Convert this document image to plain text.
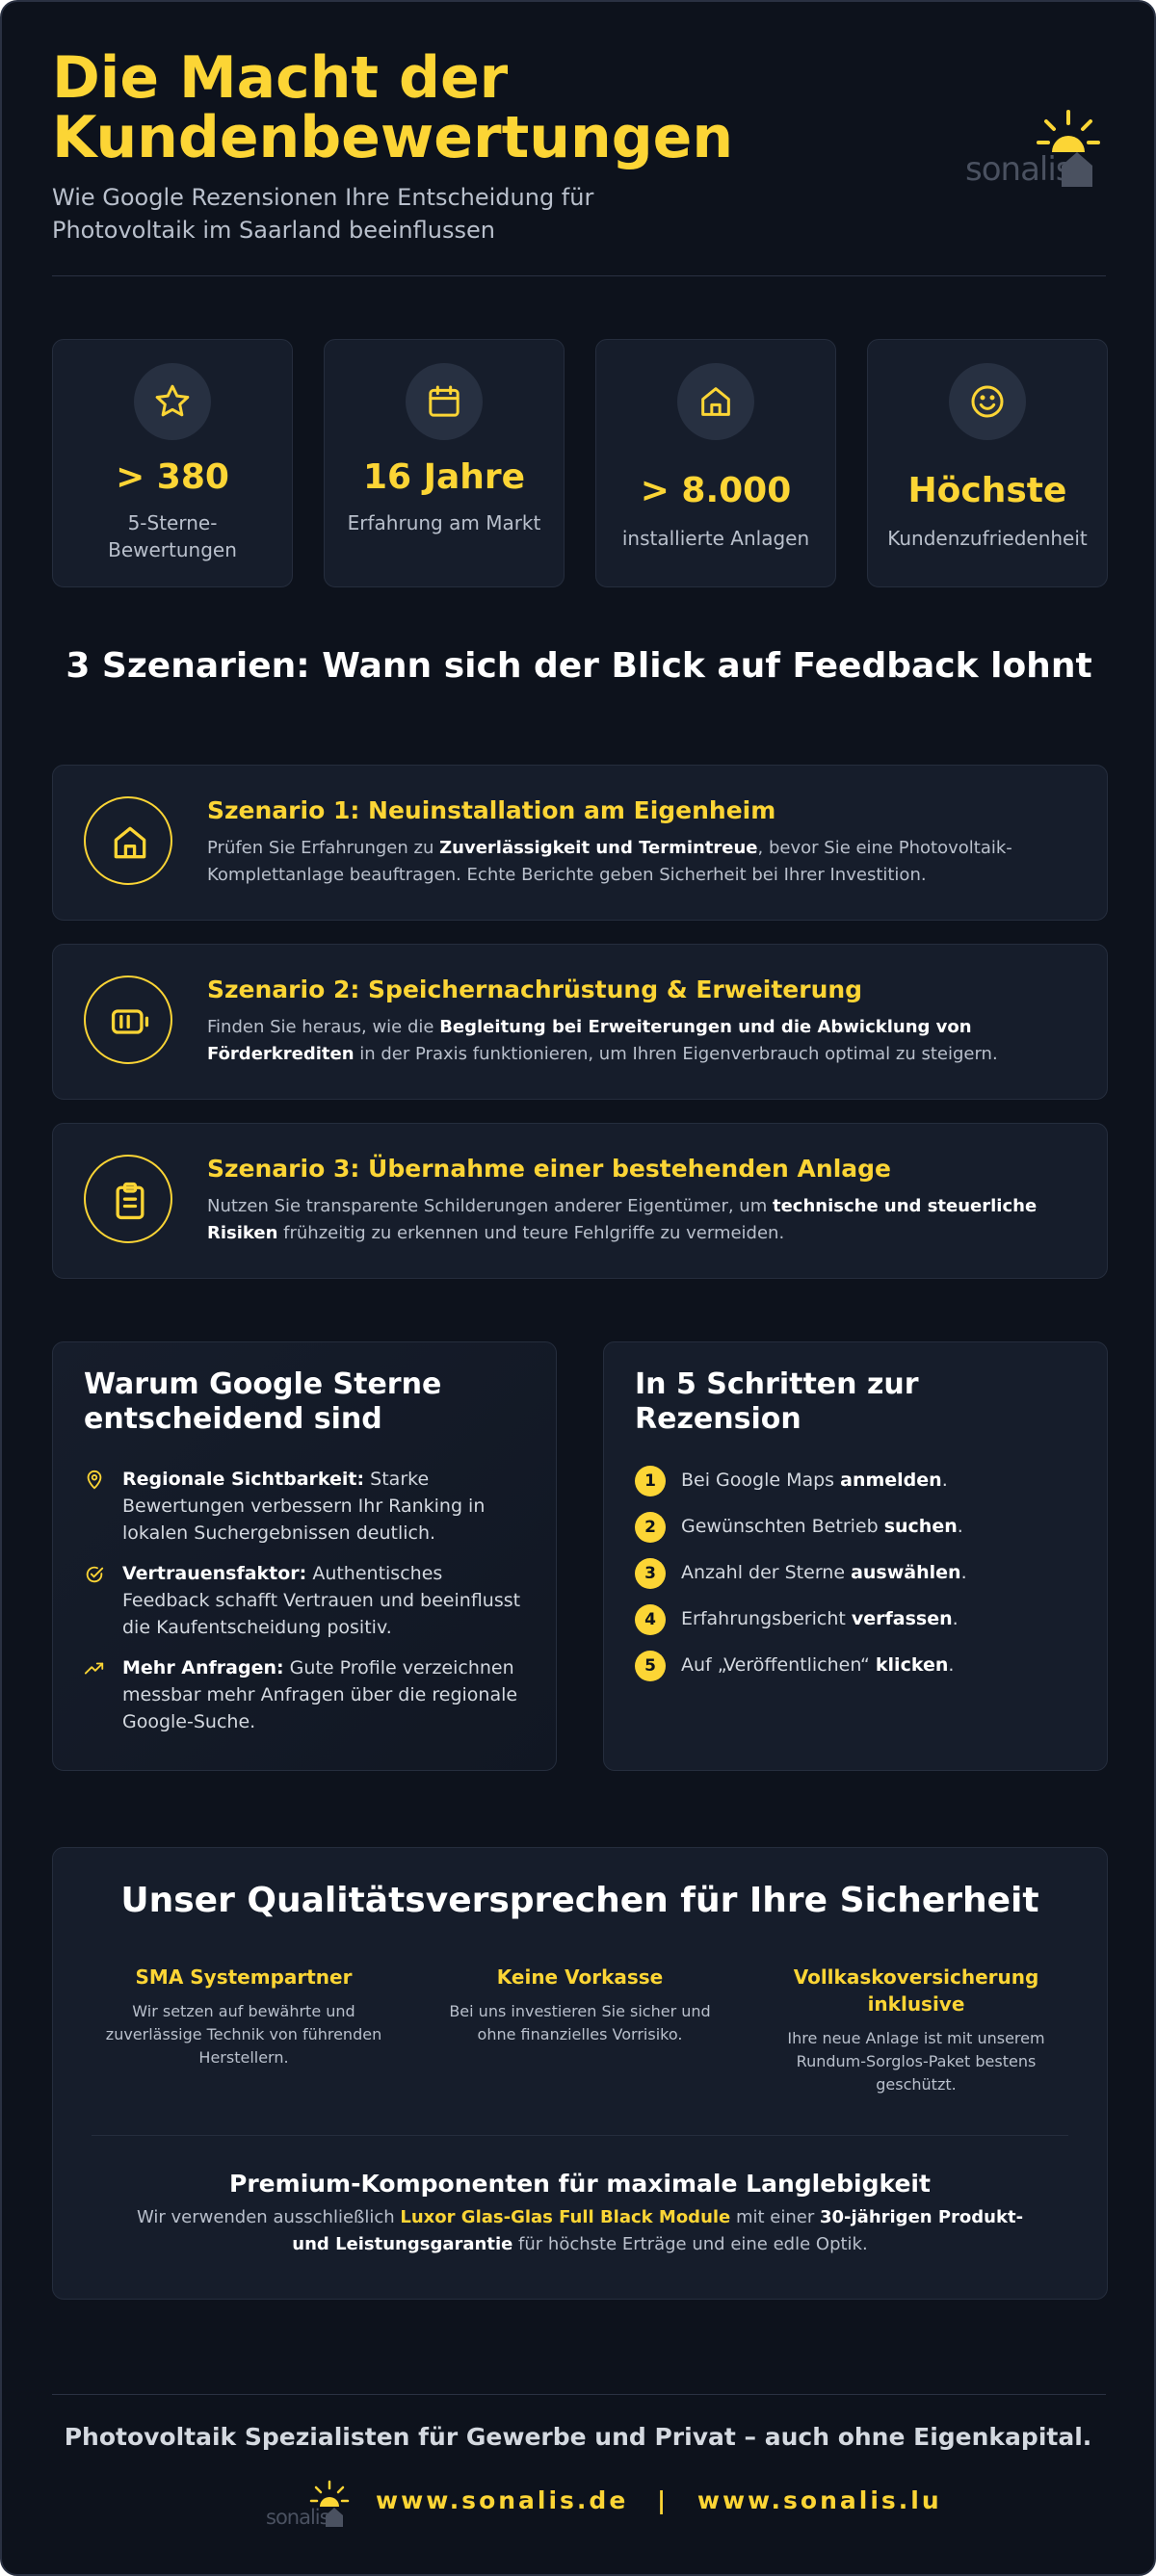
Die Macht der
Kundenbewertungen

Wie Google Rezensionen Ihre Entscheidung für Photovoltaik im Saarland beeinflussen

sonalis
> 380
5-Sterne-Bewertungen
16 Jahre
Erfahrung am Markt
> 8.000
installierte Anlagen
Höchste
Kundenzufriedenheit
3 Szenarien: Wann sich der Blick auf Feedback lohnt
Szenario 1: Neuinstallation am Eigenheim
Prüfen Sie Erfahrungen zu Zuverlässigkeit und Termintreue, bevor Sie eine Photovoltaik-Komplettanlage beauftragen. Echte Berichte geben Sicherheit bei Ihrer Investition.
Szenario 2: Speichernachrüstung & Erweiterung
Finden Sie heraus, wie die Begleitung bei Erweiterungen und die Abwicklung von Förderkrediten in der Praxis funktionieren, um Ihren Eigenverbrauch optimal zu steigern.
Szenario 3: Übernahme einer bestehenden Anlage
Nutzen Sie transparente Schilderungen anderer Eigentümer, um technische und steuerliche Risiken frühzeitig zu erkennen und teure Fehlgriffe zu vermeiden.
Warum Google Sterne entscheidend sind

Regionale Sichtbarkeit: Starke Bewertungen verbessern Ihr Ranking in lokalen Suchergebnissen deutlich.

Vertrauensfaktor: Authentisches Feedback schafft Vertrauen und beeinflusst die Kaufentscheidung positiv.

Mehr Anfragen: Gute Profile verzeichnen messbar mehr Anfragen über die regionale Google-Suche.

In 5 Schritten zur Rezension
1	Bei Google Maps anmelden.
2	Gewünschten Betrieb suchen.
3	Anzahl der Sterne auswählen.
4	Erfahrungsbericht verfassen.
5	Auf „Veröffentlichen“ klicken.
Unser Qualitätsversprechen für Ihre Sicherheit

SMA Systempartner

Wir setzen auf bewährte und zuverlässige Technik von führenden Herstellern.

Keine Vorkasse

Bei uns investieren Sie sicher und ohne finanzielles Vorrisiko.

Vollkaskoversicherung inklusive

Ihre neue Anlage ist mit unserem Rundum-Sorglos-Paket bestens geschützt.

Premium-Komponenten für maximale Langlebigkeit
Wir verwenden ausschließlich Luxor Glas-Glas Full Black Module mit einer 30-jährigen Produkt- und Leistungsgarantie für höchste Erträge und eine edle Optik.
Photovoltaik Spezialisten für Gewerbe und Privat – auch ohne Eigenkapital.
sonalis
www.sonalis.de | www.sonalis.lu
